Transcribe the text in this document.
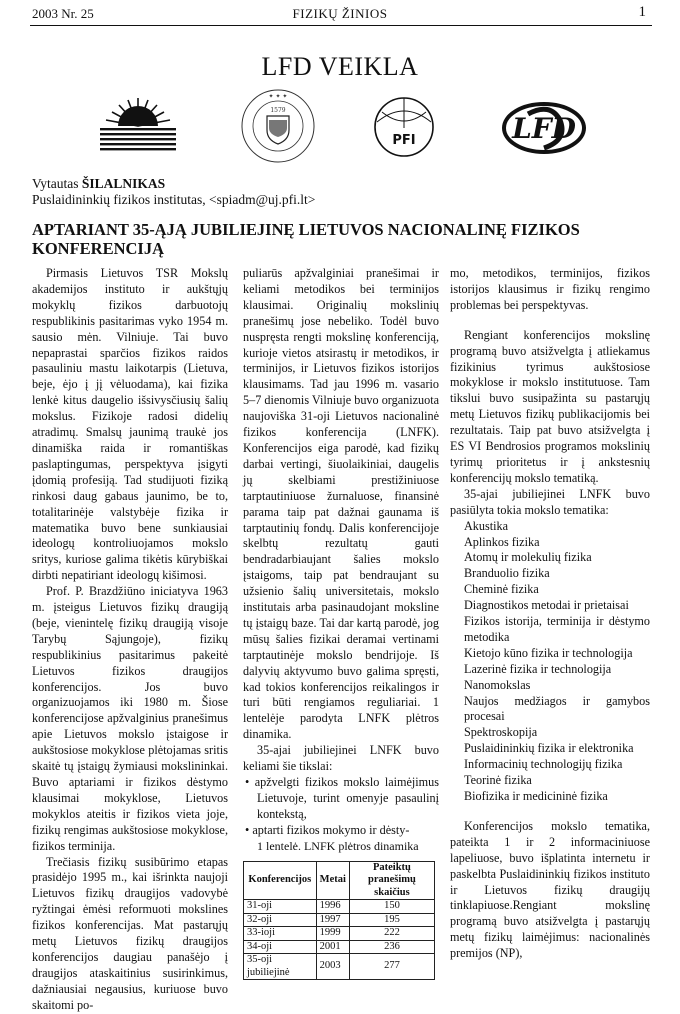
2003 Nr. 25	FIZIKŲ ŽINIOS	1
LFD VEIKLA
✦ ✦ ✦
1579
PFI	LFD
Vytautas ŠILALNIKAS
Puslaidininkių fizikos institutas, <spiadm@uj.pfi.lt>
APTARIANT 35-ĄJĄ JUBILIEJINĘ LIETUVOS NACIONALINĘ FIZIKOS KONFERENCIJĄ

Pirmasis Lietuvos TSR Mokslų akademijos instituto ir aukštųjų mokyklų fizikos darbuotojų respublikinis pasitarimas vyko 1954 m. sausio mėn. Vilniuje. Tai buvo nepaprastai sparčios fizikos raidos pasauliniu mastu laikotarpis (Lietuva, beje, ėjo į jį vėluodama), kai fizika lenkė kitus daugelio išsivysčiusių šalių mokslus. Fizikoje radosi didelių atradimų. Smalsų jaunimą traukė jos dinamiška raida ir romantiškas paslaptingumas, perspektyva įsigyti įdomią profesiją. Tad studijuoti fiziką rinkosi daug gabaus jaunimo, be to, totalitarinėje valstybėje fizika ir matematika buvo bene sunkiausiai ideologų kontroliuojamos mokslo sritys, kuriose galima tikėtis kūrybiškai dirbti nepatiriant ideologų kišimosi.

Prof. P. Brazdžiūno iniciatyva 1963 m. įsteigus Lietuvos fizikų draugiją (beje, vienintelę fizikų draugiją visoje Tarybų Sąjungoje), fizikų respublikinius pasitarimus pakeitė Lietuvos fizikos draugijos konferencijos. Jos buvo organizuojamos iki 1980 m. Šiose konferencijose apžvalginius pranešimus apie Lietuvos mokslo įstaigose ir aukštosiose mokyklose plėtojamas sritis skaitė tų įstaigų žymiausi mokslininkai. Buvo aptariami ir fizikos dėstymo klausimai mokyklose, Lietuvos mokyklos ateitis ir fizikos vieta joje, fizikų rengimas aukštosiose mokyklose, fizikos terminija.

Trečiasis fizikų susibūrimo etapas prasidėjo 1995 m., kai išrinkta naujoji Lietuvos fizikų draugijos vadovybė ryžtingai ėmėsi reformuoti mokslines fizikos konferencijas. Mat pastarųjų metų Lietuvos fizikų draugijos konferencijos daugiau panašėjo į draugijos ataskaitinius susirinkimus, dažniausiai negausius, kuriuose buvo skaitomi po-

puliarūs apžvalginiai pranešimai ir keliami metodikos bei terminijos klausimai. Originalių mokslinių pranešimų jose nebeliko. Todėl buvo nuspręsta rengti mokslinę konferenciją, kurioje vietos atsirastų ir metodikos, ir terminijos, ir Lietuvos fizikos istorijos klausimams. Tad jau 1996 m. vasario 5–7 dienomis Vilniuje buvo organizuota naujoviška 31-oji Lietuvos nacionalinė fizikos konferencija (LNFK). Konferencijos eiga parodė, kad fizikų darbai vertingi, šiuolaikiniai, daugelis jų skelbiami prestižiniuose tarptautiniuose žurnaluose, finansinė parama taip pat dažnai gaunama iš tarptautinių fondų. Dalis konferencijoje skelbtų rezultatų gauti bendradarbiaujant šalies mokslo įstaigoms, taip pat bendraujant su užsienio šalių universitetais, mokslo institutais arba pasinaudojant moksline tų įstaigų baze. Tai dar kartą parodė, jog mūsų šalies fizikai deramai vertinami tarptautinėje mokslo bendrijoje. Iš dalyvių aktyvumo buvo galima spręsti, kad tokios konferencijos reikalingos ir turi būti rengiamos reguliariai. 1 lentelėje parodyta LNFK plėtros dinamika.

35-ajai jubiliejinei LNFK buvo keliami šie tikslai:

• apžvelgti fizikos mokslo laimėjimus Lietuvoje, turint omenyje pasaulinį kontekstą,
• aptarti fizikos mokymo ir dėsty-

1 lentelė. LNFK plėtros dinamika

Konferencijos	Metai	Pateiktų pranešimų skaičius
31-oji	1996	150
32-oji	1997	195
33-ioji	1999	222
34-oji	2001	236
35-oji jubiliejinė	2003	277

mo, metodikos, terminijos, fizikos istorijos klausimus ir fizikų rengimo problemas bei perspektyvas.

Rengiant konferencijos mokslinę programą buvo atsižvelgta į atliekamus fizikinius tyrimus aukštosiose mokyklose ir mokslo institutuose. Tam tikslui buvo susipažinta su pastarųjų metų Lietuvos fizikų publikacijomis bei rezultatais. Taip pat buvo atsižvelgta į ES VI Bendrosios programos mokslinių tyrimų prioritetus ir į ankstesnių konferencijų mokslo tematiką.

35-ajai jubiliejinei LNFK buvo pasiūlyta tokia mokslo tematika:

Akustika
Aplinkos fizika
Atomų ir molekulių fizika
Branduolio fizika
Cheminė fizika
Diagnostikos metodai ir prietaisai
Fizikos istorija, terminija ir dėstymo metodika
Kietojo kūno fizika ir technologija
Lazerinė fizika ir technologija
Nanomokslas
Naujos medžiagos ir gamybos procesai
Spektroskopija
Puslaidininkių fizika ir elektronika
Informacinių technologijų fizika
Teorinė fizika
Biofizika ir medicininė fizika

Konferencijos mokslo tematika, pateikta 1 ir 2 informaciniuose lapeliuose, buvo išplatinta internetu ir paskelbta Puslaidininkių fizikos instituto ir Lietuvos fizikų draugijų tinklapiuose.Rengiant mokslinę programą buvo atsižvelgta į pastarųjų metų fizikų laimėjimus: nacionalinės premijos (NP),
